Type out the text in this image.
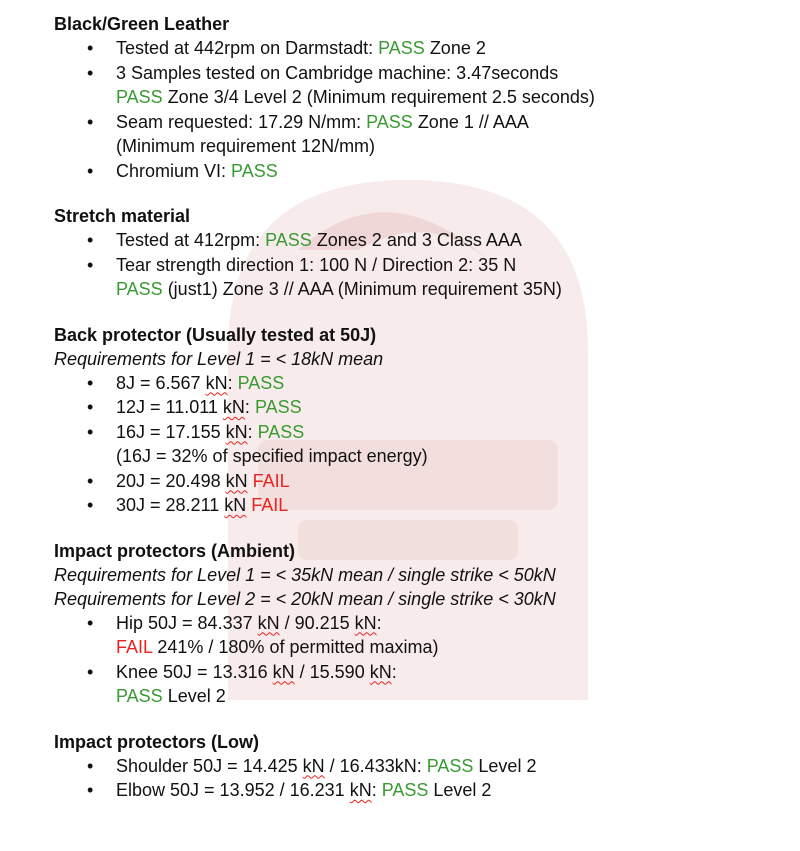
Black/Green Leather

• Tested at 442rpm on Darmstadt: PASS Zone 2
• 3 Samples tested on Cambridge machine: 3.47seconds
PASS Zone 3/4 Level 2 (Minimum requirement 2.5 seconds)
• Seam requested: 17.29 N/mm: PASS Zone 1 // AAA
(Minimum requirement 12N/mm)
• Chromium VI: PASS

Stretch material

• Tested at 412rpm: PASS Zones 2 and 3 Class AAA
• Tear strength direction 1: 100 N / Direction 2: 35 N
PASS (just1) Zone 3 // AAA (Minimum requirement 35N)

Back protector (Usually tested at 50J)

Requirements for Level 1 = < 18kN mean

• 8J = 6.567 kN: PASS
• 12J = 11.011 kN: PASS
• 16J = 17.155 kN: PASS
(16J = 32% of specified impact energy)
• 20J = 20.498 kN FAIL
• 30J = 28.211 kN FAIL

Impact protectors (Ambient)

Requirements for Level 1 = < 35kN mean / single strike < 50kN

Requirements for Level 2 = < 20kN mean / single strike < 30kN

• Hip 50J = 84.337 kN / 90.215 kN:
FAIL 241% / 180% of permitted maxima)
• Knee 50J = 13.316 kN / 15.590 kN:
PASS Level 2

Impact protectors (Low)

• Shoulder 50J = 14.425 kN / 16.433kN: PASS Level 2
• Elbow 50J = 13.952 / 16.231 kN: PASS Level 2
